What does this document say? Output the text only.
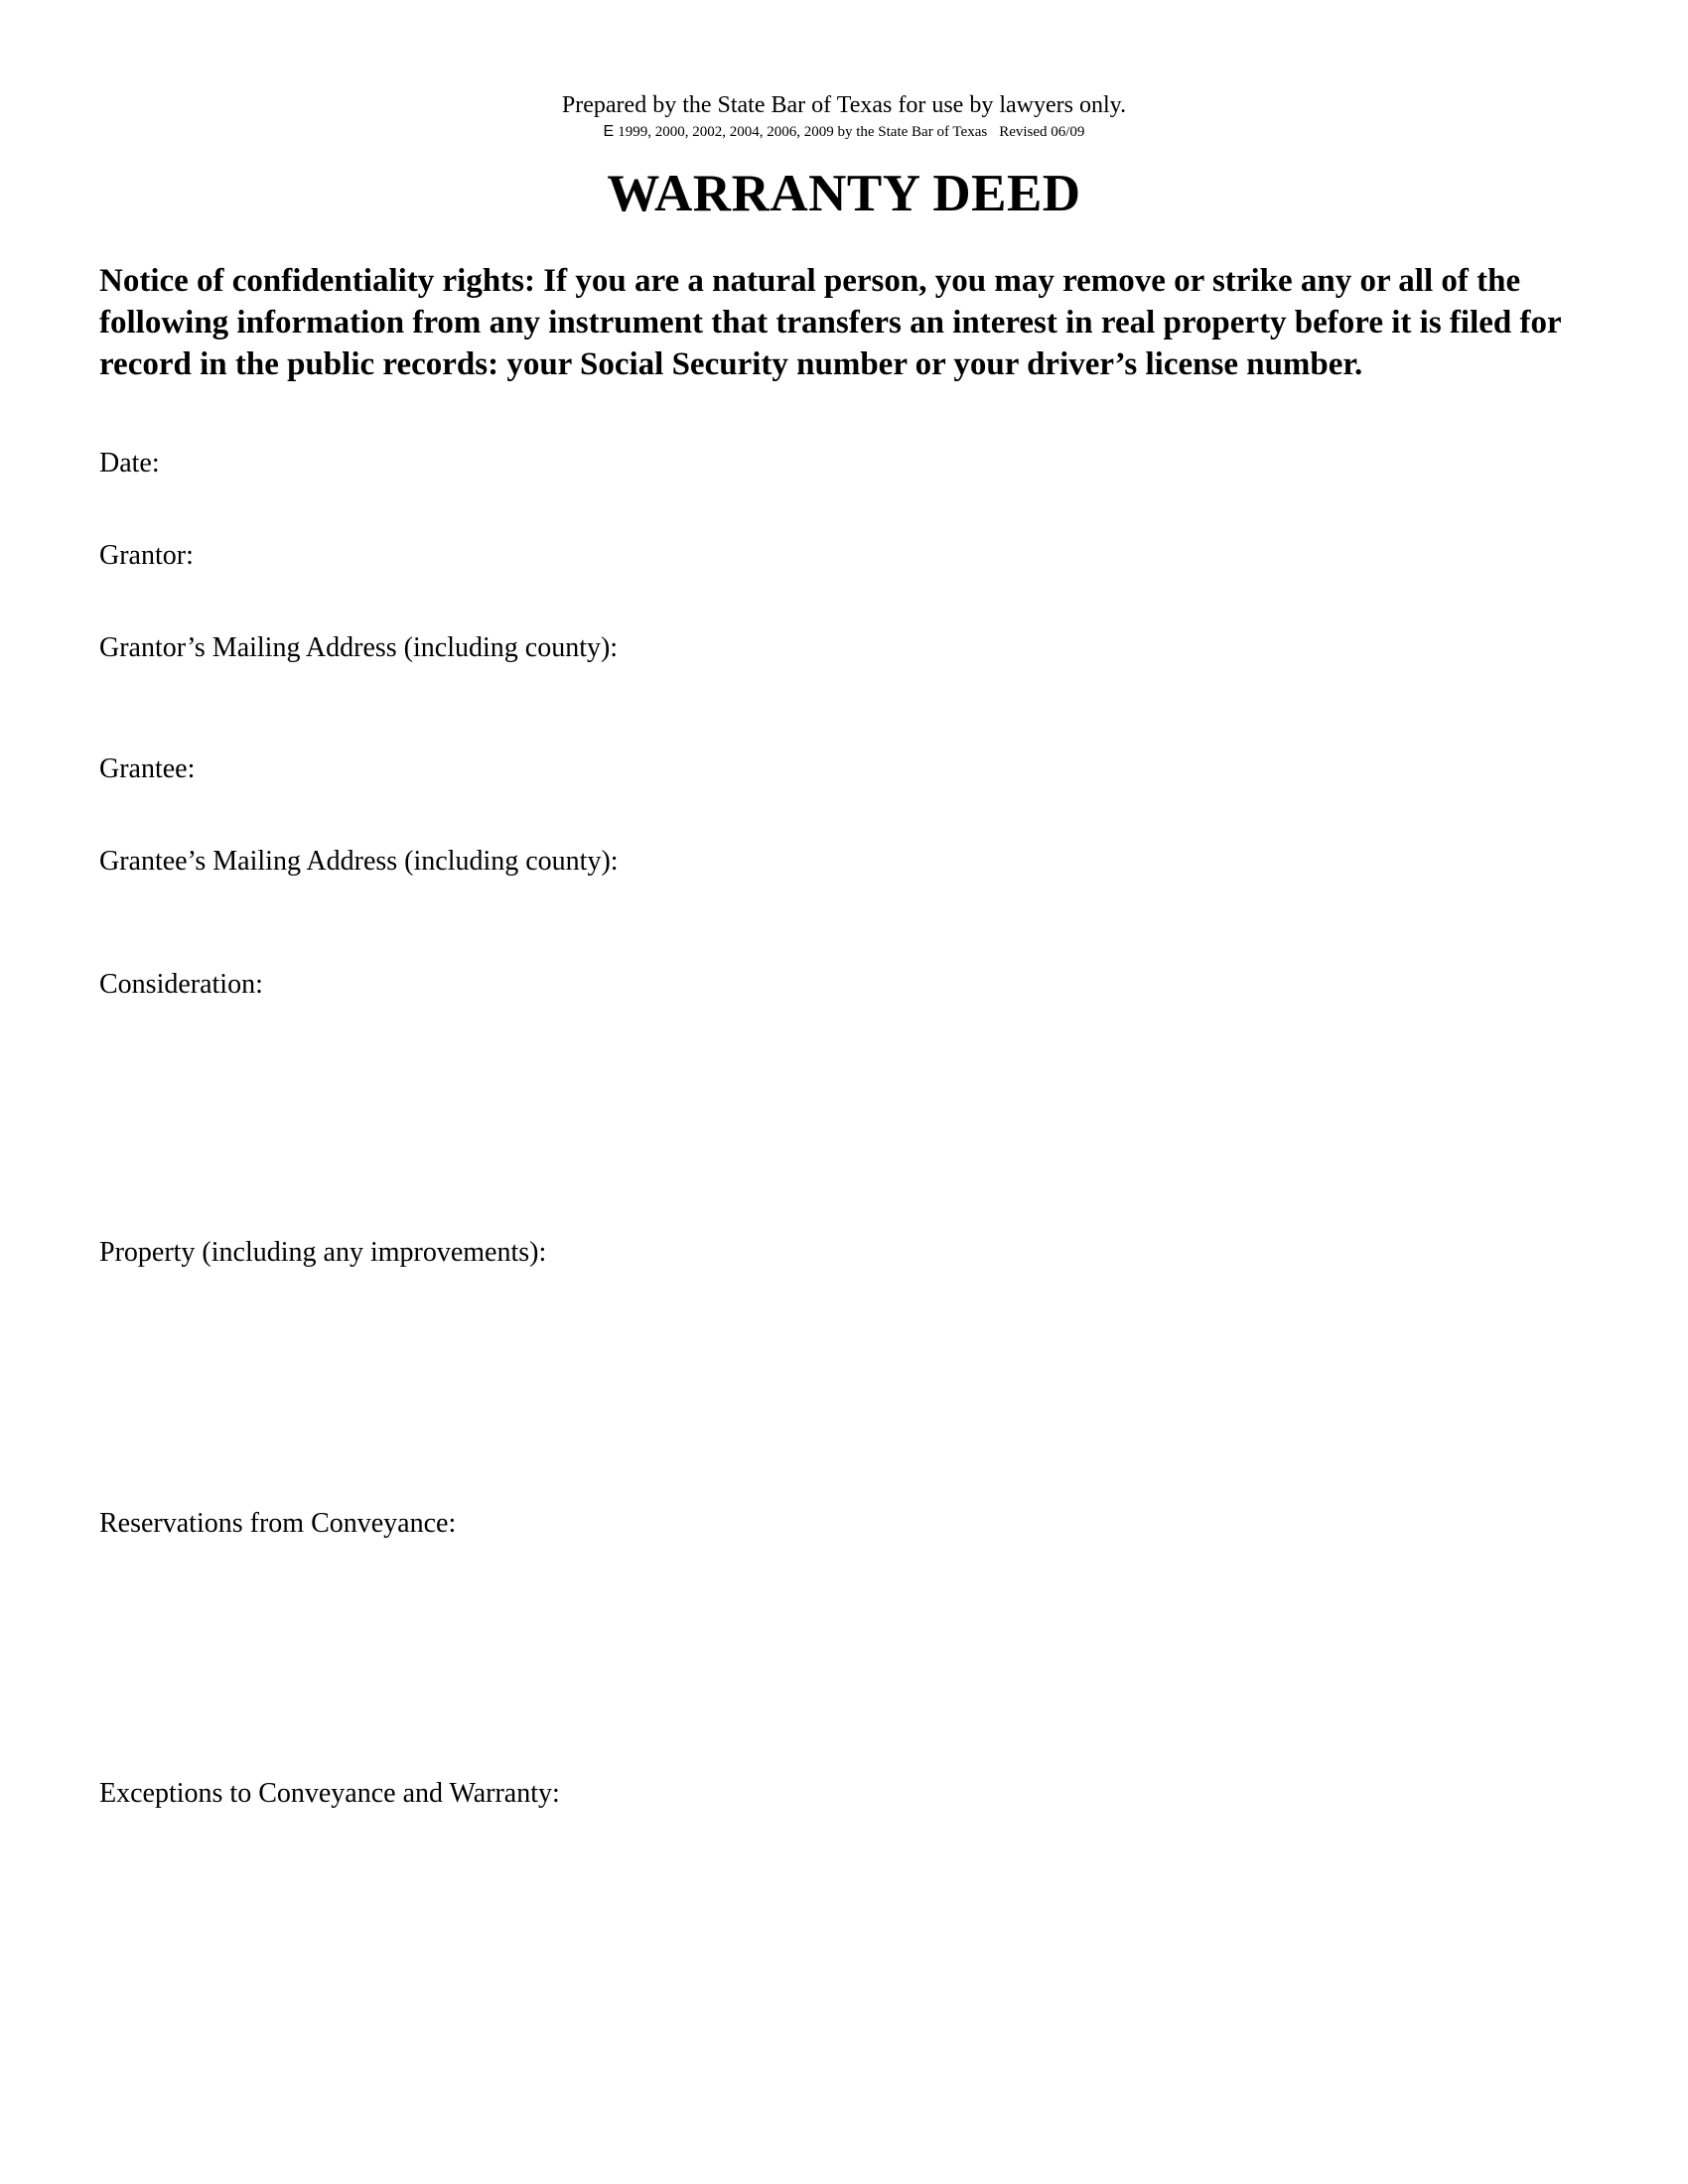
Prepared by the State Bar of Texas for use by lawyers only.
E 1999, 2000, 2002, 2004, 2006, 2009 by the State Bar of Texas Revised 06/09
WARRANTY DEED
Notice of confidentiality rights: If you are a natural person, you may remove or strike any or all of the following information from any instrument that transfers an interest in real property before it is filed for record in the public records: your Social Security number or your driver’s license number.
Date:
Grantor:
Grantor’s Mailing Address (including county):
Grantee:
Grantee’s Mailing Address (including county):
Consideration:
Property (including any improvements):
Reservations from Conveyance:
Exceptions to Conveyance and Warranty:
